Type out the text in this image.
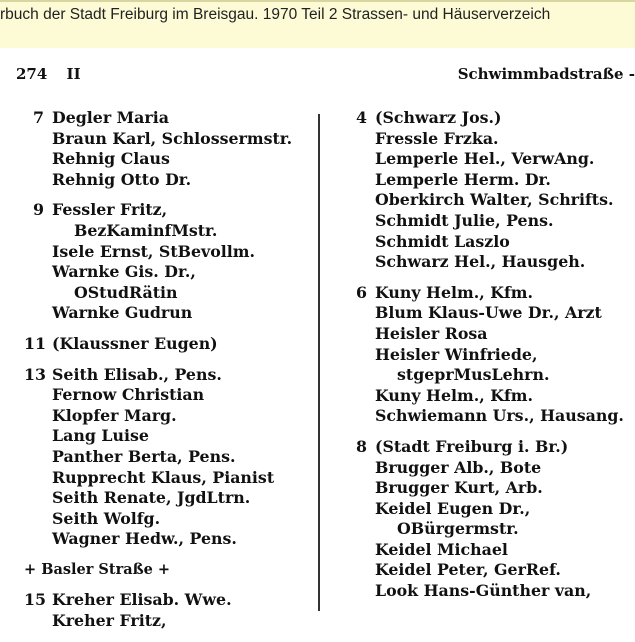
rbuch der Stadt Freiburg im Breisgau. 1970 Teil 2 Strassen- und Häuserverzeich
274 II	Schwimmbadstraße -
7 Degler Maria
Braun Karl, Schlossermstr.
Rehnig Claus
Rehnig Otto Dr.
9 Fessler Fritz,
BezKaminfMstr.
Isele Ernst, StBevollm.
Warnke Gis. Dr.,
OStudRätin
Warnke Gudrun
11 (Klaussner Eugen)
13 Seith Elisab., Pens.
Fernow Christian
Klopfer Marg.
Lang Luise
Panther Berta, Pens.
Rupprecht Klaus, Pianist
Seith Renate, JgdLtrn.
Seith Wolfg.
Wagner Hedw., Pens.
+ Basler Straße +
15 Kreher Elisab. Wwe.
Kreher Fritz,
4 (Schwarz Jos.)
Fressle Frzka.
Lemperle Hel., VerwAng.
Lemperle Herm. Dr.
Oberkirch Walter, Schrifts.
Schmidt Julie, Pens.
Schmidt Laszlo
Schwarz Hel., Hausgeh.
6 Kuny Helm., Kfm.
Blum Klaus-Uwe Dr., Arzt
Heisler Rosa
Heisler Winfriede,
stgeprMusLehrn.
Kuny Helm., Kfm.
Schwiemann Urs., Hausang.
8 (Stadt Freiburg i. Br.)
Brugger Alb., Bote
Brugger Kurt, Arb.
Keidel Eugen Dr.,
OBürgermstr.
Keidel Michael
Keidel Peter, GerRef.
Look Hans-Günther van,
